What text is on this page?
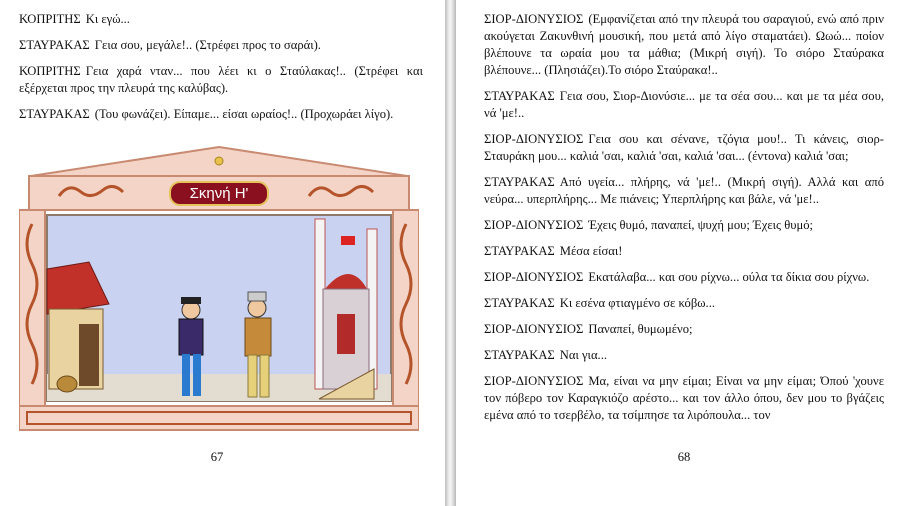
ΚΟΠΡΙΤΗΣ Κι εγώ...

ΣΤΑΥΡΑΚΑΣ Γεια σου, μεγάλε!.. (Στρέφει προς το σαράι).

ΚΟΠΡΙΤΗΣ Γεια χαρά νταν... που λέει κι ο Σταύλακας!.. (Στρέφει και εξέρχεται προς την πλευρά της καλύβας).

ΣΤΑΥΡΑΚΑΣ (Του φωνάζει). Είπαμε... είσαι ωραίος!.. (Προχωράει λίγο).

Σκηνή Η'
67

ΣΙΟΡ-ΔΙΟΝΥΣΙΟΣ (Εμφανίζεται από την πλευρά του σαραγιού, ενώ από πριν ακούγεται Ζακυνθινή μουσική, που μετά από λίγο σταματάει). Ωωώ... ποίον βλέπουνε τα ωραία μου τα μάθια; (Μικρή σιγή). Το σιόρο Σταύρακα βλέπουνε... (Πλησιάζει).Το σιόρο Σταύρακα!..

ΣΤΑΥΡΑΚΑΣ Γεια σου, Σιορ-Διονύσιε... με τα σέα σου... και με τα μέα σου, νά 'με!..

ΣΙΟΡ-ΔΙΟΝΥΣΙΟΣ Γεια σου και σένανε, τζόγια μου!.. Τι κάνεις, σιορ-Σταυράκη μου... καλιά 'σαι, καλιά 'σαι, καλιά 'σαι... (έντονα) καλιά 'σαι;

ΣΤΑΥΡΑΚΑΣ Από υγεία... πλήρης, νά 'με!.. (Μικρή σιγή). Αλλά και από νεύρα... υπερπλήρης... Με πιάνεις; Υπερπλήρης και βάλε, νά 'με!..

ΣΙΟΡ-ΔΙΟΝΥΣΙΟΣ Έχεις θυμό, παναπεί, ψυχή μου; Έχεις θυμό;

ΣΤΑΥΡΑΚΑΣ Μέσα είσαι!

ΣΙΟΡ-ΔΙΟΝΥΣΙΟΣ Εκατάλαβα... και σου ρίχνω... ούλα τα δίκια σου ρίχνω.

ΣΤΑΥΡΑΚΑΣ Κι εσένα φτιαγμένο σε κόβω...

ΣΙΟΡ-ΔΙΟΝΥΣΙΟΣ Παναπεί, θυμωμένο;

ΣΤΑΥΡΑΚΑΣ Ναι για...

ΣΙΟΡ-ΔΙΟΝΥΣΙΟΣ Μα, είναι να μην είμαι; Είναι να μην είμαι; Όπού 'χουνε τον πόβερο τον Καραγκιόζο αρέστο... και τον άλλο όπου, δεν μου το βγάζεις εμένα από το τσερβέλο, τα τσίμπησε τα λιρόπουλα... τον

68
